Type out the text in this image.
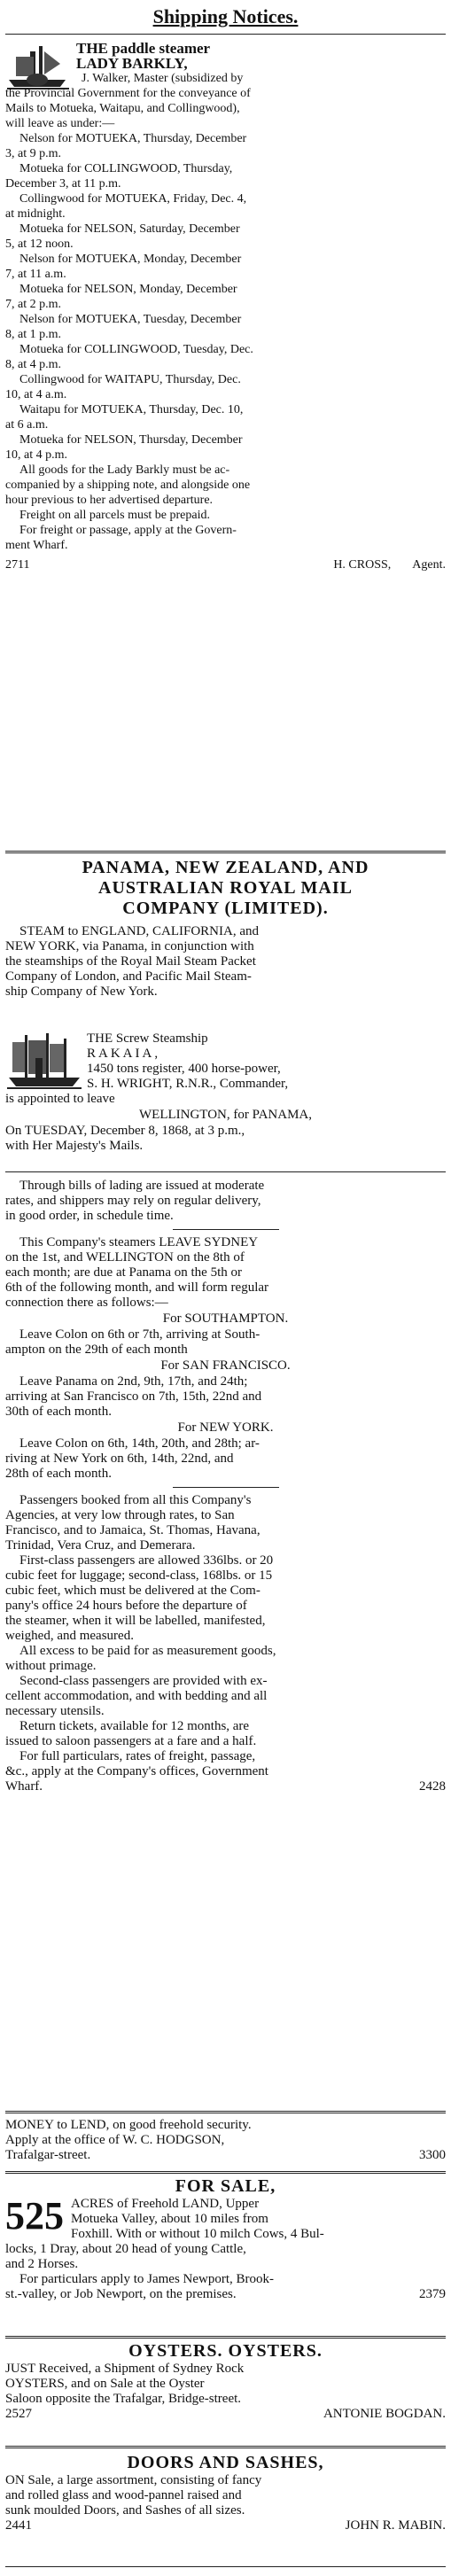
Shipping Notices.
THE paddle steamer
LADY BARKLY,
J. Walker, Master (subsidized by
the Provincial Government for the conveyance of
Mails to Motueka, Waitapu, and Collingwood),
will leave as under:—
Nelson for MOTUEKA, Thursday, December
3, at 9 p.m.
Motueka for COLLINGWOOD, Thursday,
December 3, at 11 p.m.
Collingwood for MOTUEKA, Friday, Dec. 4,
at midnight.
Motueka for NELSON, Saturday, December
5, at 12 noon.
Nelson for MOTUEKA, Monday, December
7, at 11 a.m.
Motueka for NELSON, Monday, December
7, at 2 p.m.
Nelson for MOTUEKA, Tuesday, December
8, at 1 p.m.
Motueka for COLLINGWOOD, Tuesday, Dec.
8, at 4 p.m.
Collingwood for WAITAPU, Thursday, Dec.
10, at 4 a.m.
Waitapu for MOTUEKA, Thursday, Dec. 10,
at 6 a.m.
Motueka for NELSON, Thursday, December
10, at 4 p.m.
All goods for the Lady Barkly must be ac-
companied by a shipping note, and alongside one
hour previous to her advertised departure.
Freight on all parcels must be prepaid.
For freight or passage, apply at the Govern-
ment Wharf.
2711	H. CROSS, Agent.
PANAMA, NEW ZEALAND, AND
AUSTRALIAN ROYAL MAIL
COMPANY (LIMITED).
STEAM to ENGLAND, CALIFORNIA, and
NEW YORK, via Panama, in conjunction with
the steamships of the Royal Mail Steam Packet
Company of London, and Pacific Mail Steam-
ship Company of New York.
THE Screw Steamship
RAKAIA,
1450 tons register, 400 horse-power,
S. H. WRIGHT, R.N.R., Commander,
is appointed to leave
WELLINGTON, for PANAMA,
On TUESDAY, December 8, 1868, at 3 p.m.,
with Her Majesty's Mails.
Through bills of lading are issued at moderate
rates, and shippers may rely on regular delivery,
in good order, in schedule time.
This Company's steamers LEAVE SYDNEY
on the 1st, and WELLINGTON on the 8th of
each month; are due at Panama on the 5th or
6th of the following month, and will form regular
connection there as follows:—
For SOUTHAMPTON.
Leave Colon on 6th or 7th, arriving at South-
ampton on the 29th of each month
For SAN FRANCISCO.
Leave Panama on 2nd, 9th, 17th, and 24th;
arriving at San Francisco on 7th, 15th, 22nd and
30th of each month.
For NEW YORK.
Leave Colon on 6th, 14th, 20th, and 28th; ar-
riving at New York on 6th, 14th, 22nd, and
28th of each month.
Passengers booked from all this Company's
Agencies, at very low through rates, to San
Francisco, and to Jamaica, St. Thomas, Havana,
Trinidad, Vera Cruz, and Demerara.
First-class passengers are allowed 336lbs. or 20
cubic feet for luggage; second-class, 168lbs. or 15
cubic feet, which must be delivered at the Com-
pany's office 24 hours before the departure of
the steamer, when it will be labelled, manifested,
weighed, and measured.
All excess to be paid for as measurement goods,
without primage.
Second-class passengers are provided with ex-
cellent accommodation, and with bedding and all
necessary utensils.
Return tickets, available for 12 months, are
issued to saloon passengers at a fare and a half.
For full particulars, rates of freight, passage,
&c., apply at the Company's offices, Government
Wharf.	2428
MONEY to LEND, on good freehold security.
Apply at the office of W. C. HODGSON,
Trafalgar-street.	3300
FOR SALE,
525 ACRES of Freehold LAND, Upper
Motueka Valley, about 10 miles from
Foxhill. With or without 10 milch Cows, 4 Bul-
locks, 1 Dray, about 20 head of young Cattle,
and 2 Horses.
For particulars apply to James Newport, Brook-
st.-valley, or Job Newport, on the premises.	2379
OYSTERS. OYSTERS.
JUST Received, a Shipment of Sydney Rock
OYSTERS, and on Sale at the Oyster
Saloon opposite the Trafalgar, Bridge-street.
2527	ANTONIE BOGDAN.
DOORS AND SASHES,
ON Sale, a large assortment, consisting of fancy
and rolled glass and wood-pannel raised and
sunk moulded Doors, and Sashes of all sizes.
2441	JOHN R. MABIN.
